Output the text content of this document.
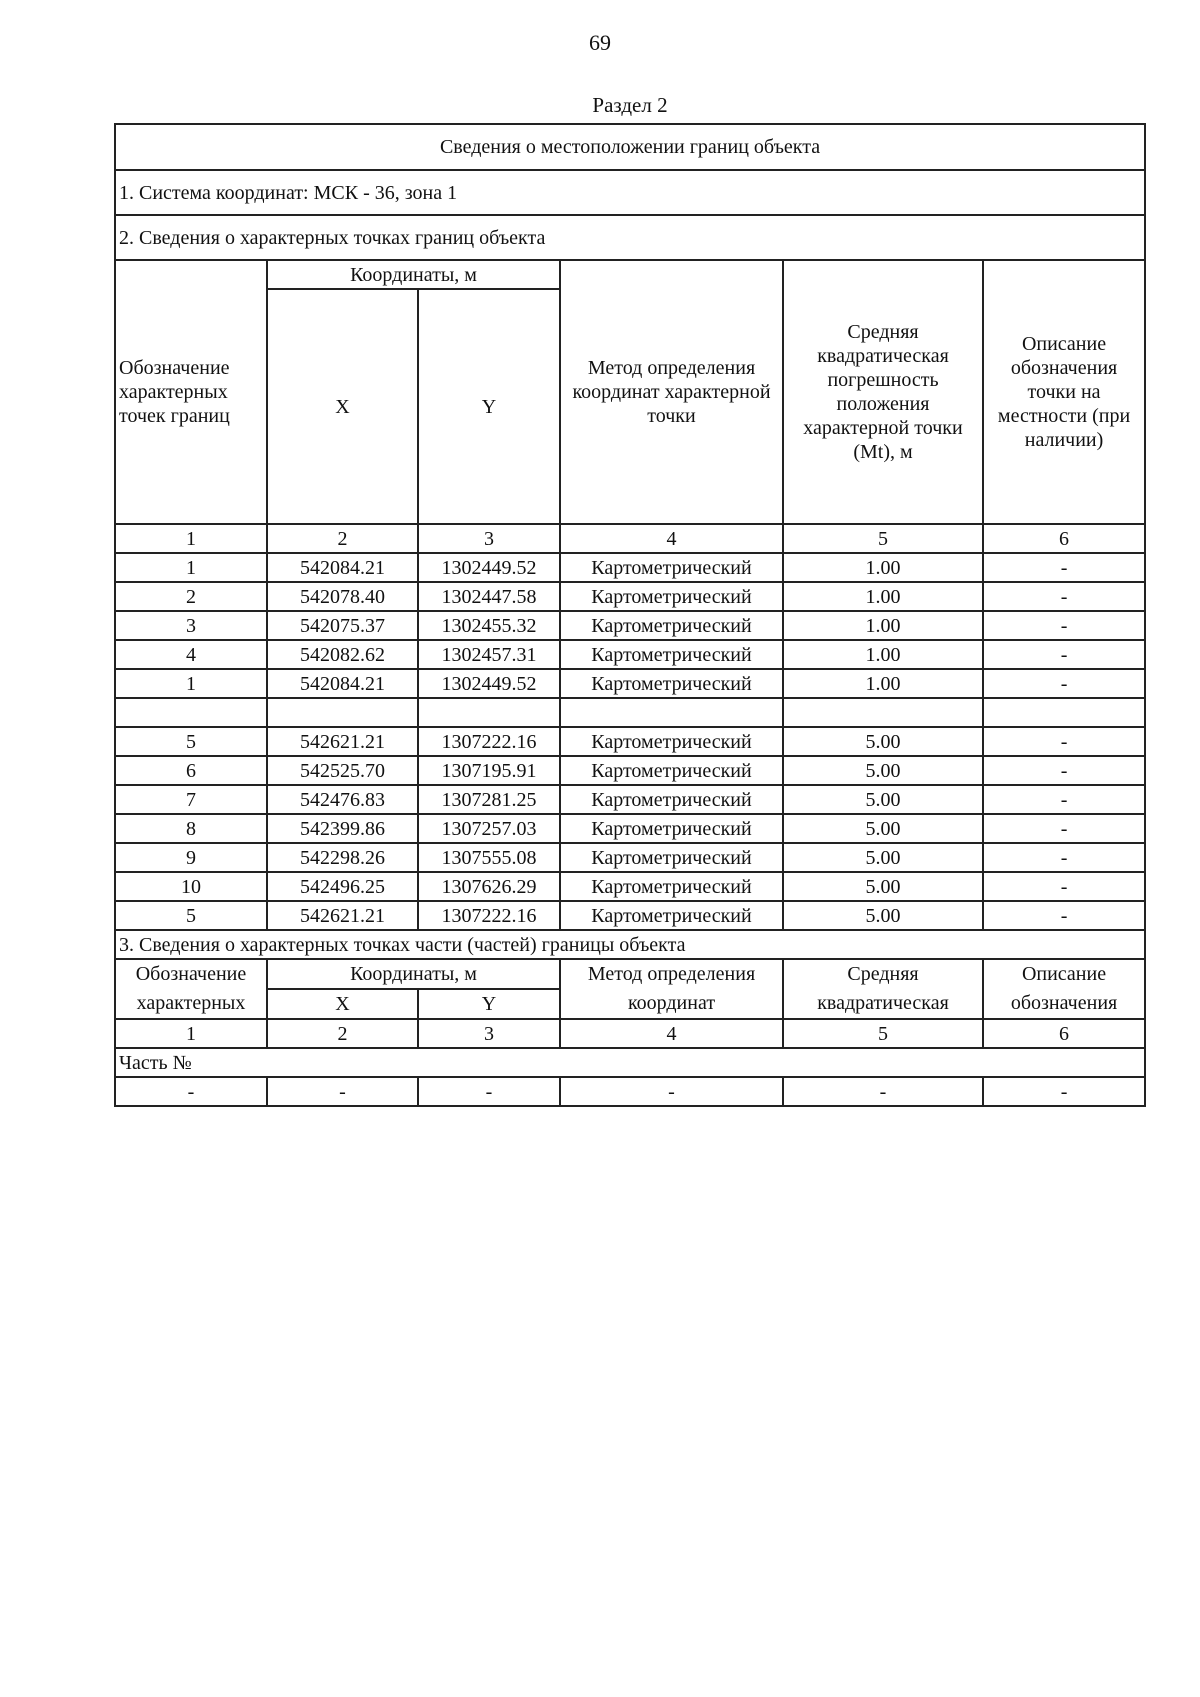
69
Раздел 2
Сведения о местоположении границ объекта					
1. Система координат: МСК - 36, зона 1					
2. Сведения о характерных точках границ объекта					
Обозначение характерных точек границ	Координаты, м		Метод определения координат характерной точки	Средняя квадратическая погрешность положения характерной точки (Mt), м	Описание обозначения точки на местности (при наличии)
	X	Y			
1	2	3	4	5	6
1	542084.21	1302449.52	Картометрический	1.00	-
2	542078.40	1302447.58	Картометрический	1.00	-
3	542075.37	1302455.32	Картометрический	1.00	-
4	542082.62	1302457.31	Картометрический	1.00	-
1	542084.21	1302449.52	Картометрический	1.00	-

5	542621.21	1307222.16	Картометрический	5.00	-
6	542525.70	1307195.91	Картометрический	5.00	-
7	542476.83	1307281.25	Картометрический	5.00	-
8	542399.86	1307257.03	Картометрический	5.00	-
9	542298.26	1307555.08	Картометрический	5.00	-
10	542496.25	1307626.29	Картометрический	5.00	-
5	542621.21	1307222.16	Картометрический	5.00	-
3. Сведения о характерных точках части (частей) границы объекта					
Обозначение характерных	Координаты, м		Метод определения координат	Средняя квадратическая	Описание обозначения
	X	Y			
1	2	3	4	5	6
Часть №					
-	-	-	-	-	-
